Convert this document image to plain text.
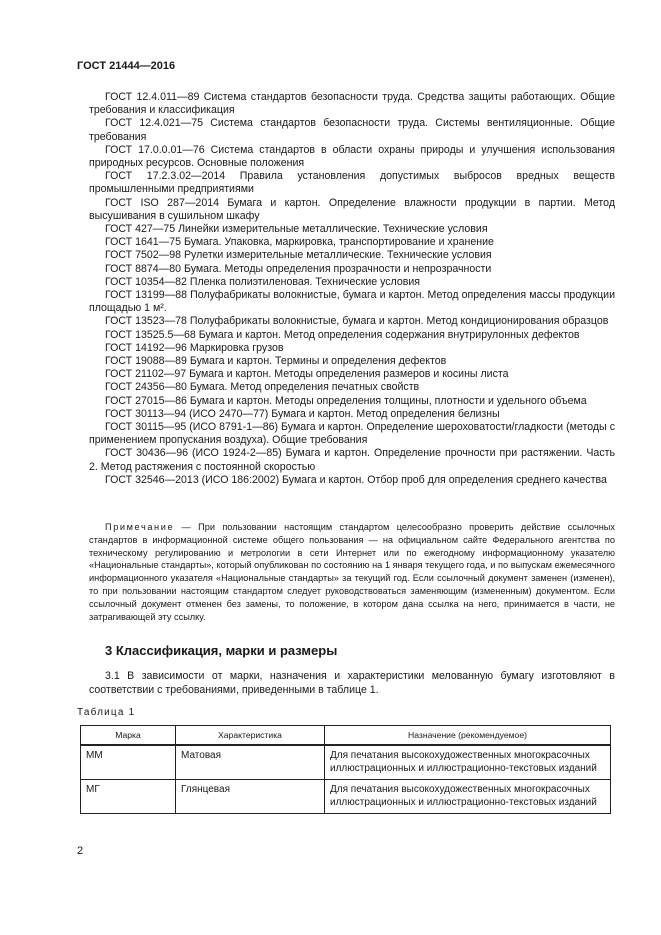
ГОСТ 21444—2016

ГОСТ 12.4.011—89 Система стандартов безопасности труда. Средства защиты работающих. Общие требования и классификация

ГОСТ 12.4.021—75 Система стандартов безопасности труда. Системы вентиляционные. Общие требования

ГОСТ 17.0.0.01—76 Система стандартов в области охраны природы и улучшения использования природных ресурсов. Основные положения

ГОСТ 17.2.3.02—2014 Правила установления допустимых выбросов вредных веществ промышленными предприятиями

ГОСТ ISO 287—2014 Бумага и картон. Определение влажности продукции в партии. Метод высушивания в сушильном шкафу

ГОСТ 427—75 Линейки измерительные металлические. Технические условия

ГОСТ 1641—75 Бумага. Упаковка, маркировка, транспортирование и хранение

ГОСТ 7502—98 Рулетки измерительные металлические. Технические условия

ГОСТ 8874—80 Бумага. Методы определения прозрачности и непрозрачности

ГОСТ 10354—82 Пленка полиэтиленовая. Технические условия

ГОСТ 13199—88 Полуфабрикаты волокнистые, бумага и картон. Метод определения массы продукции площадью 1 м².

ГОСТ 13523—78 Полуфабрикаты волокнистые, бумага и картон. Метод кондиционирования образцов

ГОСТ 13525.5—68 Бумага и картон. Метод определения содержания внутрирулонных дефектов

ГОСТ 14192—96 Маркировка грузов

ГОСТ 19088—89 Бумага и картон. Термины и определения дефектов

ГОСТ 21102—97 Бумага и картон. Методы определения размеров и косины листа

ГОСТ 24356—80 Бумага. Метод определения печатных свойств

ГОСТ 27015—86 Бумага и картон. Методы определения толщины, плотности и удельного объема

ГОСТ 30113—94 (ИСО 2470—77) Бумага и картон. Метод определения белизны

ГОСТ 30115—95 (ИСО 8791-1—86) Бумага и картон. Определение шероховатости/гладкости (методы с применением пропускания воздуха). Общие требования

ГОСТ 30436—96 (ИСО 1924-2—85) Бумага и картон. Определение прочности при растяжении. Часть 2. Метод растяжения с постоянной скоростью

ГОСТ 32546—2013 (ИСО 186:2002) Бумага и картон. Отбор проб для определения среднего качества

Примечание — При пользовании настоящим стандартом целесообразно проверить действие ссылочных стандартов в информационной системе общего пользования — на официальном сайте Федерального агентства по техническому регулированию и метрологии в сети Интернет или по ежегодному информационному указателю «Национальные стандарты», который опубликован по состоянию на 1 января текущего года, и по выпускам ежемесячного информационного указателя «Национальные стандарты» за текущий год. Если ссылочный документ заменен (изменен), то при пользовании настоящим стандартом следует руководствоваться заменяющим (измененным) документом. Если ссылочный документ отменен без замены, то положение, в котором дана ссылка на него, принимается в части, не затрагивающей эту ссылку.
3 Классификация, марки и размеры
3.1 В зависимости от марки, назначения и характеристики мелованную бумагу изготовляют в соответствии с требованиями, приведенными в таблице 1.
Таблица 1
Марка	Характеристика	Назначение (рекомендуемое)
ММ	Матовая	Для печатания высокохудожественных многокрасочных иллюстрационных и иллюстрационно-текстовых изданий
МГ	Глянцевая	Для печатания высокохудожественных многокрасочных иллюстрационных и иллюстрационно-текстовых изданий
2
